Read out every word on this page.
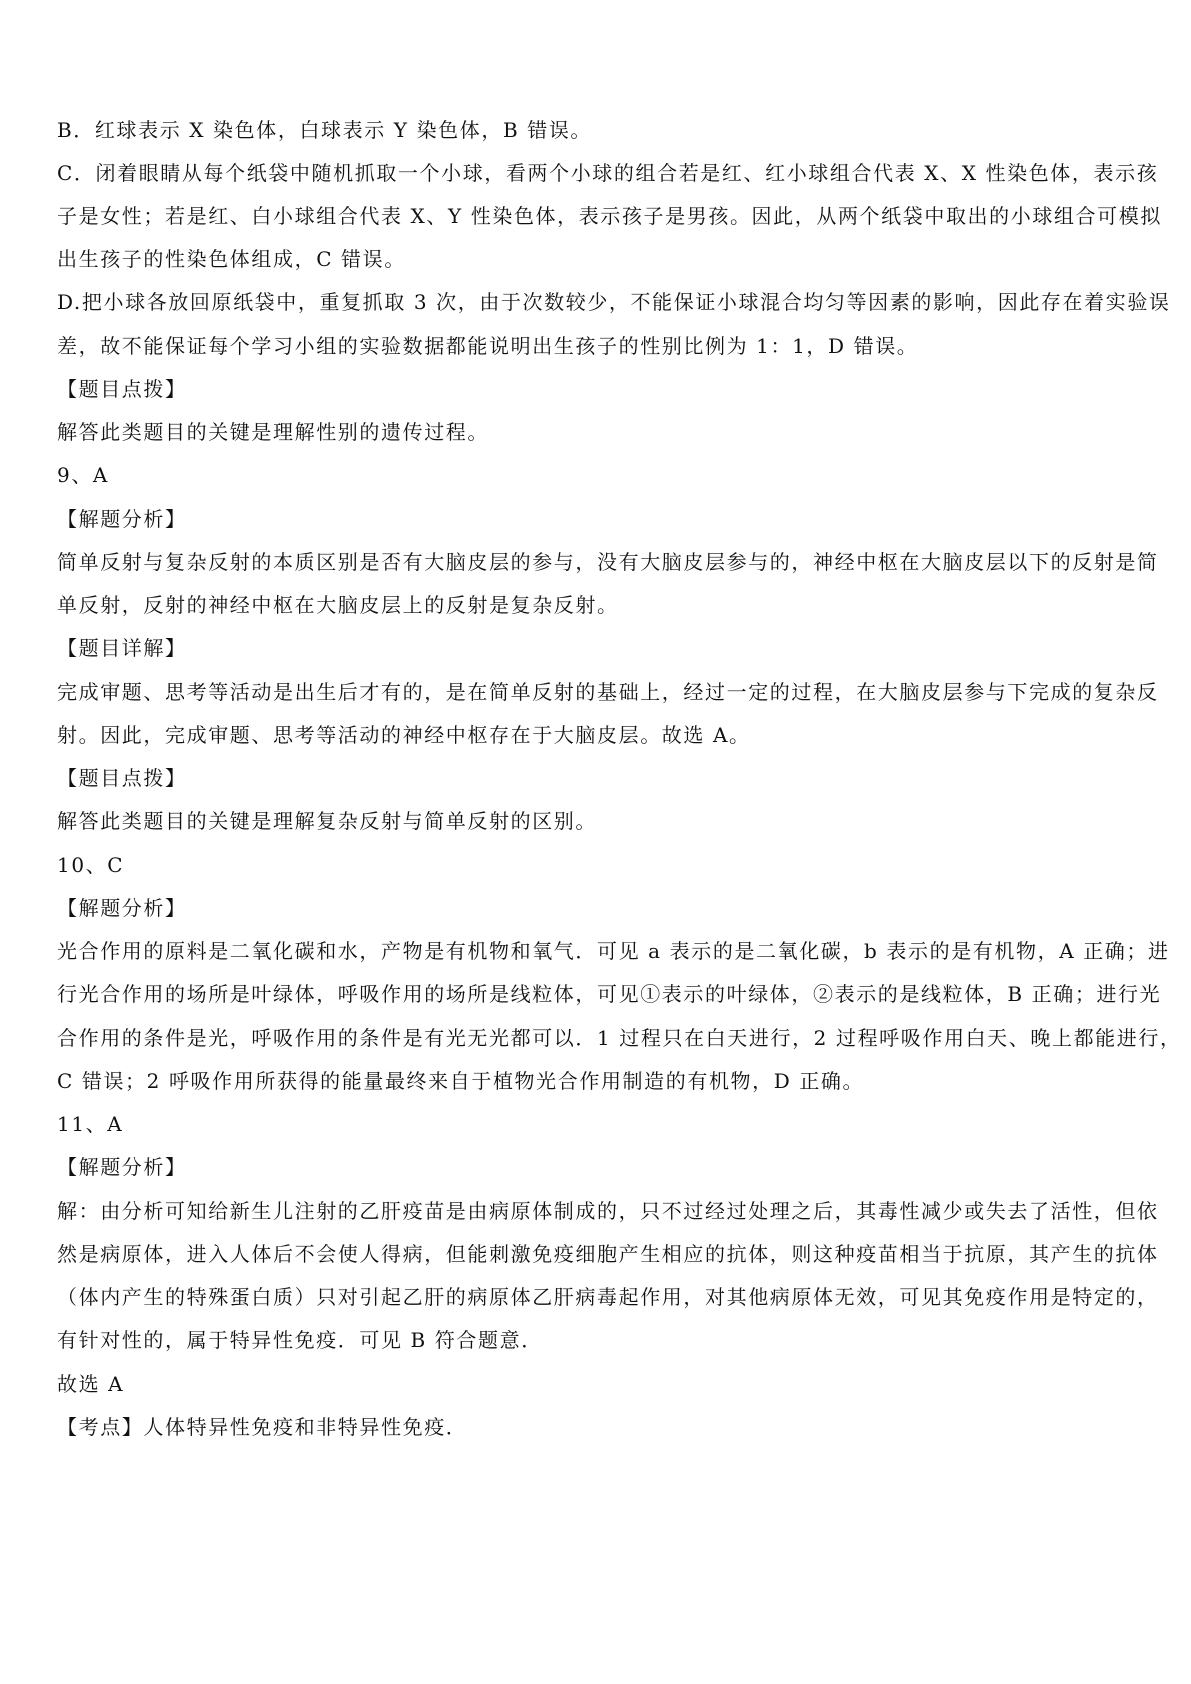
B．红球表示 X 染色体，白球表示 Y 染色体，B 错误。
C．闭着眼睛从每个纸袋中随机抓取一个小球，看两个小球的组合若是红、红小球组合代表 X、X 性染色体，表示孩
子是女性；若是红、白小球组合代表 X、Y 性染色体，表示孩子是男孩。因此，从两个纸袋中取出的小球组合可模拟
出生孩子的性染色体组成，C 错误。
D.把小球各放回原纸袋中，重复抓取 3 次，由于次数较少，不能保证小球混合均匀等因素的影响，因此存在着实验误
差，故不能保证每个学习小组的实验数据都能说明出生孩子的性别比例为 1：1，D 错误。
【题目点拨】
解答此类题目的关键是理解性别的遗传过程。
9、A
【解题分析】
简单反射与复杂反射的本质区别是否有大脑皮层的参与，没有大脑皮层参与的，神经中枢在大脑皮层以下的反射是简
单反射，反射的神经中枢在大脑皮层上的反射是复杂反射。
【题目详解】
完成审题、思考等活动是出生后才有的，是在简单反射的基础上，经过一定的过程，在大脑皮层参与下完成的复杂反
射。因此，完成审题、思考等活动的神经中枢存在于大脑皮层。故选 A。
【题目点拨】
解答此类题目的关键是理解复杂反射与简单反射的区别。
10、C
【解题分析】
光合作用的原料是二氧化碳和水，产物是有机物和氧气．可见 a 表示的是二氧化碳，b 表示的是有机物，A 正确；进
行光合作用的场所是叶绿体，呼吸作用的场所是线粒体，可见①表示的叶绿体，②表示的是线粒体，B 正确；进行光
合作用的条件是光，呼吸作用的条件是有光无光都可以．1 过程只在白天进行，2 过程呼吸作用白天、晚上都能进行，
C 错误；2 呼吸作用所获得的能量最终来自于植物光合作用制造的有机物，D 正确。
11、A
【解题分析】
解：由分析可知给新生儿注射的乙肝疫苗是由病原体制成的，只不过经过处理之后，其毒性减少或失去了活性，但依
然是病原体，进入人体后不会使人得病，但能刺激免疫细胞产生相应的抗体，则这种疫苗相当于抗原，其产生的抗体
（体内产生的特殊蛋白质）只对引起乙肝的病原体乙肝病毒起作用，对其他病原体无效，可见其免疫作用是特定的，
有针对性的，属于特异性免疫．可见 B 符合题意．
故选 A
【考点】人体特异性免疫和非特异性免疫．
